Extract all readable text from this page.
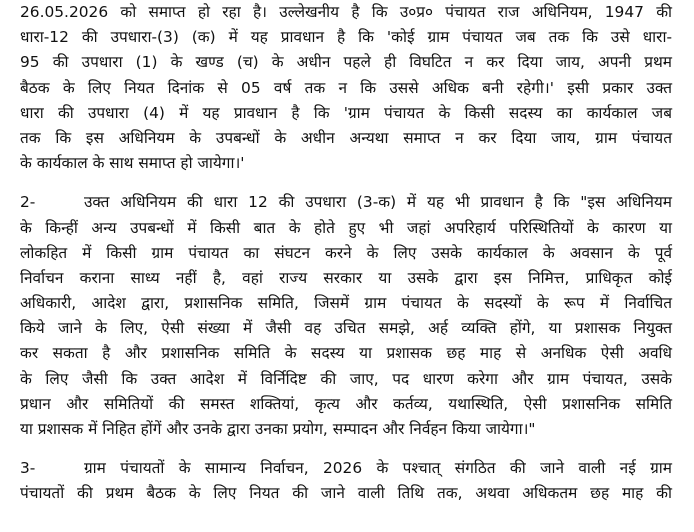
26.05.2026 को समाप्त हो रहा है। उल्लेखनीय है कि उ०प्र० पंचायत राज अधिनियम, 1947 की
धारा-12 की उपधारा-(3) (क) में यह प्रावधान है कि 'कोई ग्राम पंचायत जब तक कि उसे धारा-
95 की उपधारा (1) के खण्ड (च) के अधीन पहले ही विघटित न कर दिया जाय, अपनी प्रथम
बैठक के लिए नियत दिनांक से 05 वर्ष तक न कि उससे अधिक बनी रहेगी।' इसी प्रकार उक्त
धारा की उपधारा (4) में यह प्रावधान है कि 'ग्राम पंचायत के किसी सदस्य का कार्यकाल जब
तक कि इस अधिनियम के उपबन्धों के अधीन अन्यथा समाप्त न कर दिया जाय, ग्राम पंचायत
के कार्यकाल के साथ समाप्त हो जायेगा।'
2-	उक्त अधिनियम की धारा 12 की उपधारा (3-क) में यह भी प्रावधान है कि "इस अधिनियम
के किन्हीं अन्य उपबन्धों में किसी बात के होते हुए भी जहां अपरिहार्य परिस्थितियों के कारण या
लोकहित में किसी ग्राम पंचायत का संघटन करने के लिए उसके कार्यकाल के अवसान के पूर्व
निर्वाचन कराना साध्य नहीं है, वहां राज्य सरकार या उसके द्वारा इस निमित्त, प्राधिकृत कोई
अधिकारी, आदेश द्वारा, प्रशासनिक समिति, जिसमें ग्राम पंचायत के सदस्यों के रूप में निर्वाचित
किये जाने के लिए, ऐसी संख्या में जैसी वह उचित समझे, अर्ह व्यक्ति होंगे, या प्रशासक नियुक्त
कर सकता है और प्रशासनिक समिति के सदस्य या प्रशासक छह माह से अनधिक ऐसी अवधि
के लिए जैसी कि उक्त आदेश में विर्निदिष्ट की जाए, पद धारण करेगा और ग्राम पंचायत, उसके
प्रधान और समितियों की समस्त शक्तियां, कृत्य और कर्तव्य, यथास्थिति, ऐसी प्रशासनिक समिति
या प्रशासक में निहित होंगें और उनके द्वारा उनका प्रयोग, सम्पादन और निर्वहन किया जायेगा।"
3-	ग्राम पंचायतों के सामान्य निर्वाचन, 2026 के पश्चात् संगठित की जाने वाली नई ग्राम
पंचायतों की प्रथम बैठक के लिए नियत की जाने वाली तिथि तक, अथवा अधिकतम छह माह की
